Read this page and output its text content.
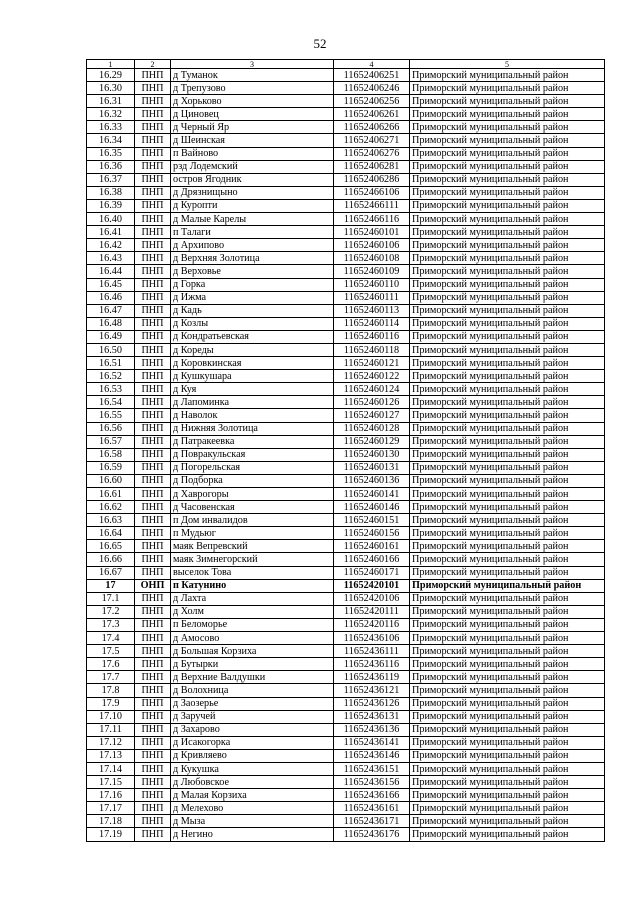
52
1	2	3	4	5
16.29	ПНП	д Туманок	11652406251	Приморский муниципальный район
16.30	ПНП	д Трепузово	11652406246	Приморский муниципальный район
16.31	ПНП	д Хорьково	11652406256	Приморский муниципальный район
16.32	ПНП	д Циновец	11652406261	Приморский муниципальный район
16.33	ПНП	д Черный Яр	11652406266	Приморский муниципальный район
16.34	ПНП	д Шеинская	11652406271	Приморский муниципальный район
16.35	ПНП	п Вайново	11652406276	Приморский муниципальный район
16.36	ПНП	рзд Лодемский	11652406281	Приморский муниципальный район
16.37	ПНП	остров Ягодник	11652406286	Приморский муниципальный район
16.38	ПНП	д Дрязнищыно	11652466106	Приморский муниципальный район
16.39	ПНП	д Куропти	11652466111	Приморский муниципальный район
16.40	ПНП	д Малые Карелы	11652466116	Приморский муниципальный район
16.41	ПНП	п Талаги	11652460101	Приморский муниципальный район
16.42	ПНП	д Архипово	11652460106	Приморский муниципальный район
16.43	ПНП	д Верхняя Золотица	11652460108	Приморский муниципальный район
16.44	ПНП	д Верховье	11652460109	Приморский муниципальный район
16.45	ПНП	д Горка	11652460110	Приморский муниципальный район
16.46	ПНП	д Ижма	11652460111	Приморский муниципальный район
16.47	ПНП	д Кадь	11652460113	Приморский муниципальный район
16.48	ПНП	д Козлы	11652460114	Приморский муниципальный район
16.49	ПНП	д Кондратьевская	11652460116	Приморский муниципальный район
16.50	ПНП	д Кореды	11652460118	Приморский муниципальный район
16.51	ПНП	д Коровкинская	11652460121	Приморский муниципальный район
16.52	ПНП	д Кушкушара	11652460122	Приморский муниципальный район
16.53	ПНП	д Куя	11652460124	Приморский муниципальный район
16.54	ПНП	д Лапоминка	11652460126	Приморский муниципальный район
16.55	ПНП	д Наволок	11652460127	Приморский муниципальный район
16.56	ПНП	д Нижняя Золотица	11652460128	Приморский муниципальный район
16.57	ПНП	д Патракеевка	11652460129	Приморский муниципальный район
16.58	ПНП	д Повракульская	11652460130	Приморский муниципальный район
16.59	ПНП	д Погорельская	11652460131	Приморский муниципальный район
16.60	ПНП	д Подборка	11652460136	Приморский муниципальный район
16.61	ПНП	д Хаврогоры	11652460141	Приморский муниципальный район
16.62	ПНП	д Часовенская	11652460146	Приморский муниципальный район
16.63	ПНП	п Дом инвалидов	11652460151	Приморский муниципальный район
16.64	ПНП	п Мудьюг	11652460156	Приморский муниципальный район
16.65	ПНП	маяк Вепревский	11652460161	Приморский муниципальный район
16.66	ПНП	маяк Зимнегорский	11652460166	Приморский муниципальный район
16.67	ПНП	выселок Това	11652460171	Приморский муниципальный район
17	ОНП	п Катунино	11652420101	Приморский муниципальный район
17.1	ПНП	д Лахта	11652420106	Приморский муниципальный район
17.2	ПНП	д Холм	11652420111	Приморский муниципальный район
17.3	ПНП	п Беломорье	11652420116	Приморский муниципальный район
17.4	ПНП	д Амосово	11652436106	Приморский муниципальный район
17.5	ПНП	д Большая Корзиха	11652436111	Приморский муниципальный район
17.6	ПНП	д Бутырки	11652436116	Приморский муниципальный район
17.7	ПНП	д Верхние Валдушки	11652436119	Приморский муниципальный район
17.8	ПНП	д Волохница	11652436121	Приморский муниципальный район
17.9	ПНП	д Заозерье	11652436126	Приморский муниципальный район
17.10	ПНП	д Заручей	11652436131	Приморский муниципальный район
17.11	ПНП	д Захарово	11652436136	Приморский муниципальный район
17.12	ПНП	д Исакогорка	11652436141	Приморский муниципальный район
17.13	ПНП	д Кривляево	11652436146	Приморский муниципальный район
17.14	ПНП	д Кукушка	11652436151	Приморский муниципальный район
17.15	ПНП	д Любовское	11652436156	Приморский муниципальный район
17.16	ПНП	д Малая Корзиха	11652436166	Приморский муниципальный район
17.17	ПНП	д Мелехово	11652436161	Приморский муниципальный район
17.18	ПНП	д Мыза	11652436171	Приморский муниципальный район
17.19	ПНП	д Негино	11652436176	Приморский муниципальный район
